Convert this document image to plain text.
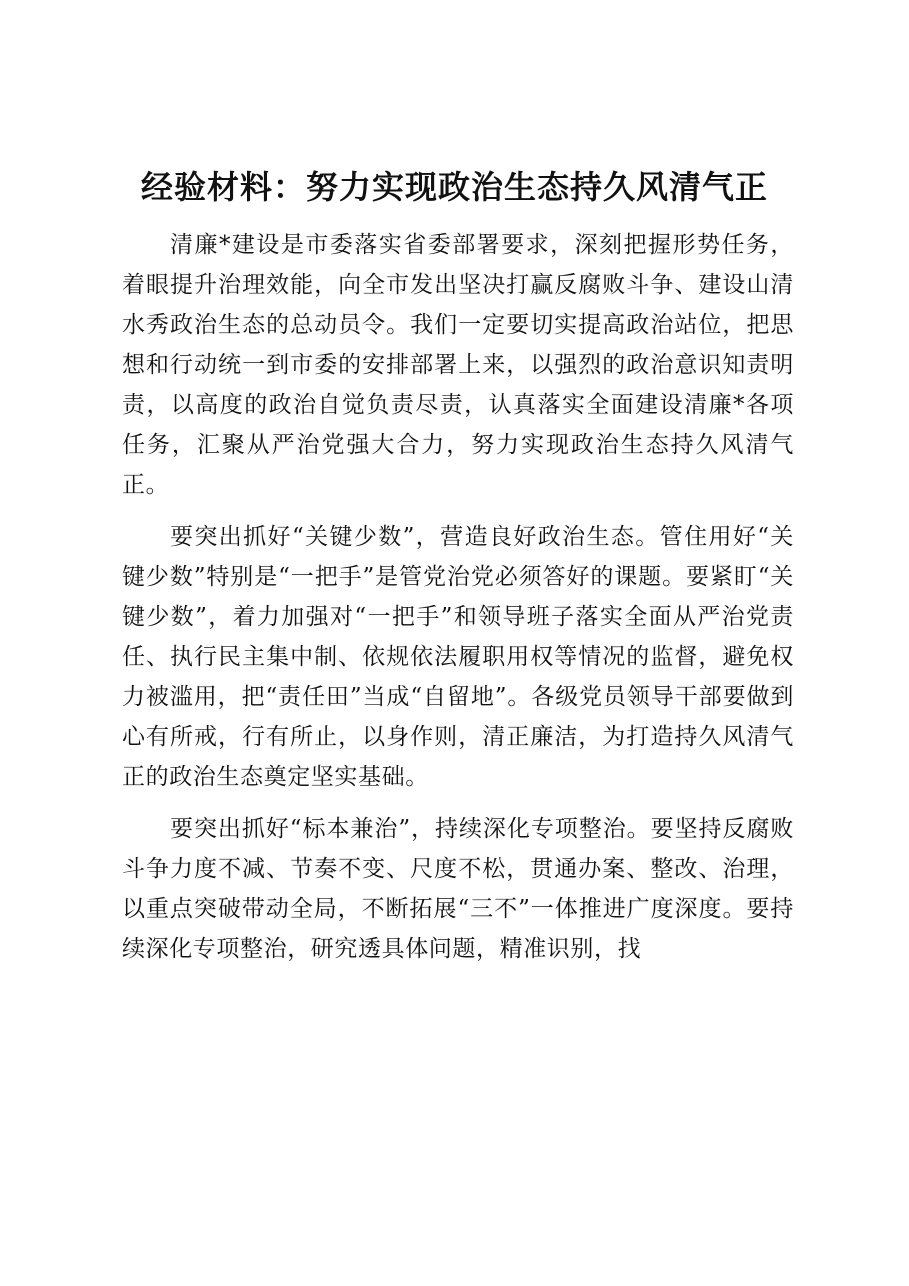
经验材料：努力实现政治生态持久风清气正

清廉*建设是市委落实省委部署要求，深刻把握形势任务，着眼提升治理效能，向全市发出坚决打赢反腐败斗争、建设山清水秀政治生态的总动员令。我们一定要切实提高政治站位，把思想和行动统一到市委的安排部署上来，以强烈的政治意识知责明责，以高度的政治自觉负责尽责，认真落实全面建设清廉*各项任务，汇聚从严治党强大合力，努力实现政治生态持久风清气正。

要突出抓好“关键少数”，营造良好政治生态。管住用好“关键少数”特别是“一把手”是管党治党必须答好的课题。要紧盯“关键少数”，着力加强对“一把手”和领导班子落实全面从严治党责任、执行民主集中制、依规依法履职用权等情况的监督，避免权力被滥用，把“责任田”当成“自留地”。各级党员领导干部要做到心有所戒，行有所止，以身作则，清正廉洁，为打造持久风清气正的政治生态奠定坚实基础。

要突出抓好“标本兼治”，持续深化专项整治。要坚持反腐败斗争力度不减、节奏不变、尺度不松，贯通办案、整改、治理，以重点突破带动全局，不断拓展“三不”一体推进广度深度。要持续深化专项整治，研究透具体问题，精准识别，找
